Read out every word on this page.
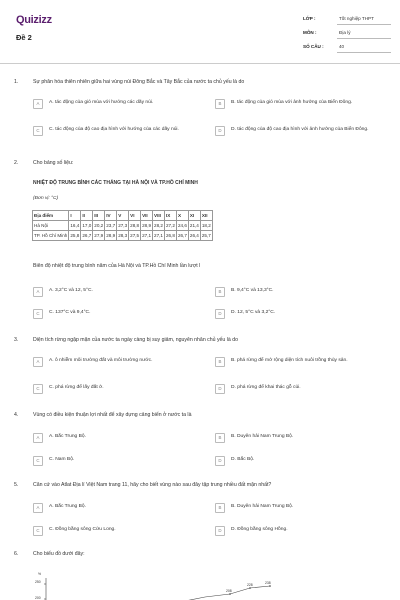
Quizizz
Đề 2
LỚP :	Tốt nghiệp THPT
MÔN :	Địa lý
SỐ CÂU :	40
1.	Sự phân hóa thiên nhiên giữa hai vùng núi Đông Bắc và Tây Bắc của nước ta chủ yếu là do
A	A. tác động của gió mùa với hướng các dãy núi.	B	B. tác động của gió mùa với ảnh hưởng của Biển Đông.
C	C. tác động của độ cao địa hình với hướng của các dãy núi.	D	D. tác động của độ cao địa hình với ảnh hưởng của Biển Đông.
2.	Cho bảng số liệu:
NHIỆT ĐỘ TRUNG BÌNH CÁC THÁNG TẠI HÀ NỘI VÀ TP.HỒ CHÍ MINH
(Đơn vị: °C)
Địa điểm	I	II	III	IV	V	VI	VII	VIII	IX	X	XI	XII
Hà Nội	16,4	17,0	20,2	23,7	27,3	28,8	28,9	28,2	27,2	24,6	21,4	18,2
TP. Hồ Chí Minh	25,8	26,7	27,9	28,9	28,3	27,5	27,1	27,1	26,8	26,7	26,4	25,7
Biên độ nhiệt độ trung bình năm của Hà Nội và TP.Hồ Chí Minh lần lượt l
A	A. 3,2°C và 12, 5°C.	B	B. 9,4°C và 13,3°C.
C	C. 137°C và 9,4°C.	D	D. 12, 5°C và 3,2°C.
3.	Diện tích rừng ngập mặn của nước ta ngày càng bị suy giảm, nguyên nhân chủ yếu là do
A	A. ô nhiễm môi trường đất và môi trường nước.	B	B. phá rừng để mở rộng diện tích nuôi trồng thủy sản.
C	C. phá rừng để lấy đất ở.	D	D. phá rừng để khai thác gỗ củi.
4.	Vùng có điều kiện thuận lợi nhất để xây dựng cảng biển ở nước ta là
A	A. Bắc Trung Bộ.	B	B. Duyên hải Nam Trung Bộ.
C	C. Nam Bộ.	D	D. Bắc Bộ.
5.	Căn cứ vào Atlat Địa lí Việt Nam trang 11, hãy cho biết vùng nào sau đây tập trung nhiều đất mặn nhất?
A	A. Bắc Trung Bộ.	B	B. Duyên hải Nam Trung Bộ.
C	C. Đồng bằng sông Cửu Long.	D	D. Đồng bằng sông Hồng.
6.	Cho biểu đồ dưới đây:
%
250
200
208
228	238
